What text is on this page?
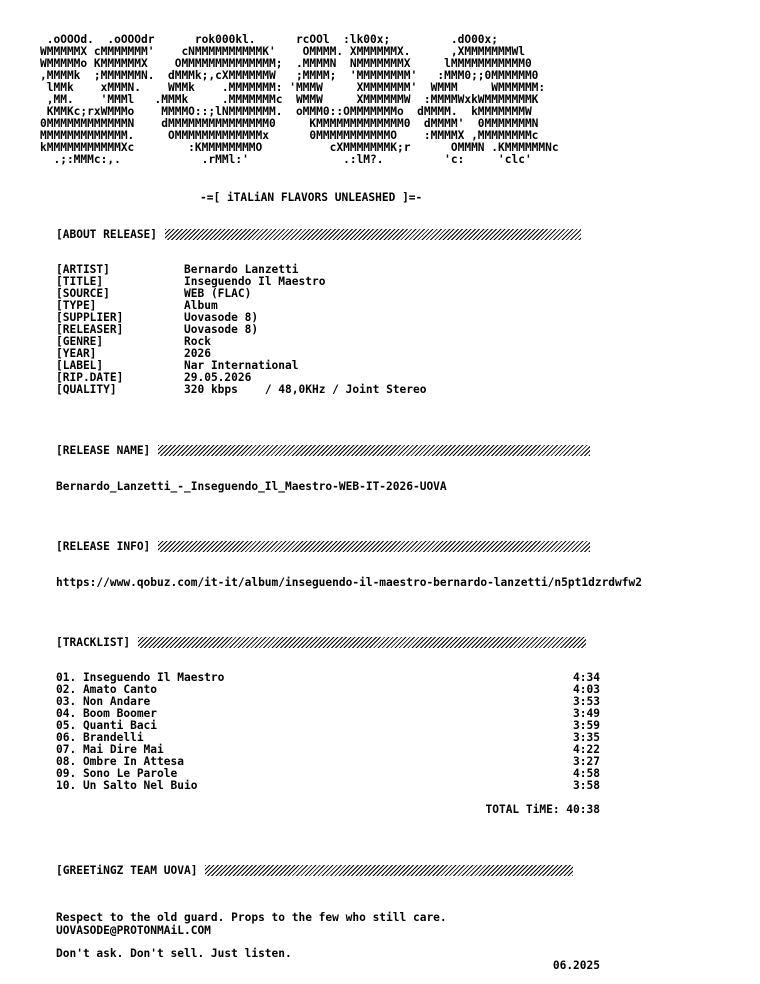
.oOOOd.  .oOOOdr      rok000kl.      rcOOl  :lk00x;         .dO00x;
WMMMMMX cMMMMMMM'    cNMMMMMMMMMMK'    OMMMM. XMMMMMMX.      ,XMMMMMMMWl
WMMMMMo KMMMMMMX    OMMMMMMMMMMMMMM;  .MMMMN  NMMMMMMMX     lMMMMMMMMMMM0
,MMMMk  ;MMMMMMN.  dMMMk;,cXMMMMMMW   ;MMMM;  'MMMMMMMM'   :MMM0;;0MMMMMM0
lMMk    xMMMN.    WMMk    .MMMMMMM: 'MMMW     XMMMMMMM'  WMMM     WMMMMMM:
,MM.    'MMMl   .MMMk     .MMMMMMMc  WMMW     XMMMMMMW  :MMMMWxkWMMMMMMMK
KMMKc;rxWMMMo    MMMMO::;lNMMMMMMM.  oMMM0::OMMMMMMMo  dMMMM.  kMMMMMMMW
0MMMMMMMMMMMMN    dMMMMMMMMMMMMMMM0     KMMMMMMMMMMMMM0  dMMMM'  0MMMMMMMN
MMMMMMMMMMMMM.     OMMMMMMMMMMMMMx      0MMMMMMMMMMMO    :MMMMX ,MMMMMMMMc
kMMMMMMMMMMMXc        :KMMMMMMMMO          cXMMMMMMMK;r      OMMMN .KMMMMMMNc
.;:MMMc:,.            .rMMl:'              .:lM?.         'c:     'clc'
-=[ iTALiAN FLAVORS UNLEASHED ]=-
[ABOUT RELEASE]
[ARTIST]	Bernardo Lanzetti
[TITLE]	Inseguendo Il Maestro
[SOURCE]	WEB (FLAC)
[TYPE]	Album
[SUPPLIER]	Uovasode 8)
[RELEASER]	Uovasode 8)
[GENRE]	Rock
[YEAR]	2026
[LABEL]	Nar International
[RIP.DATE]	29.05.2026
[QUALITY]	320 kbps    / 48,0KHz / Joint Stereo
[RELEASE NAME]
Bernardo_Lanzetti_-_Inseguendo_Il_Maestro-WEB-IT-2026-UOVA
[RELEASE INFO]
https://www.qobuz.com/it-it/album/inseguendo-il-maestro-bernardo-lanzetti/n5pt1dzrdwfw2
[TRACKLIST]
01. Inseguendo Il Maestro	4:34
02. Amato Canto	4:03
03. Non Andare	3:53
04. Boom Boomer	3:49
05. Quanti Baci	3:59
06. Brandelli	3:35
07. Mai Dire Mai	4:22
08. Ombre In Attesa	3:27
09. Sono Le Parole	4:58
10. Un Salto Nel Buio	3:58
TOTAL TiME: 40:38
[GREETiNGZ TEAM UOVA]

Respect to the old guard. Props to the few who still care.

Don't ask. Don't sell. Just listen.

UOVASODE@PROTONMAiL.COM
06.2025
